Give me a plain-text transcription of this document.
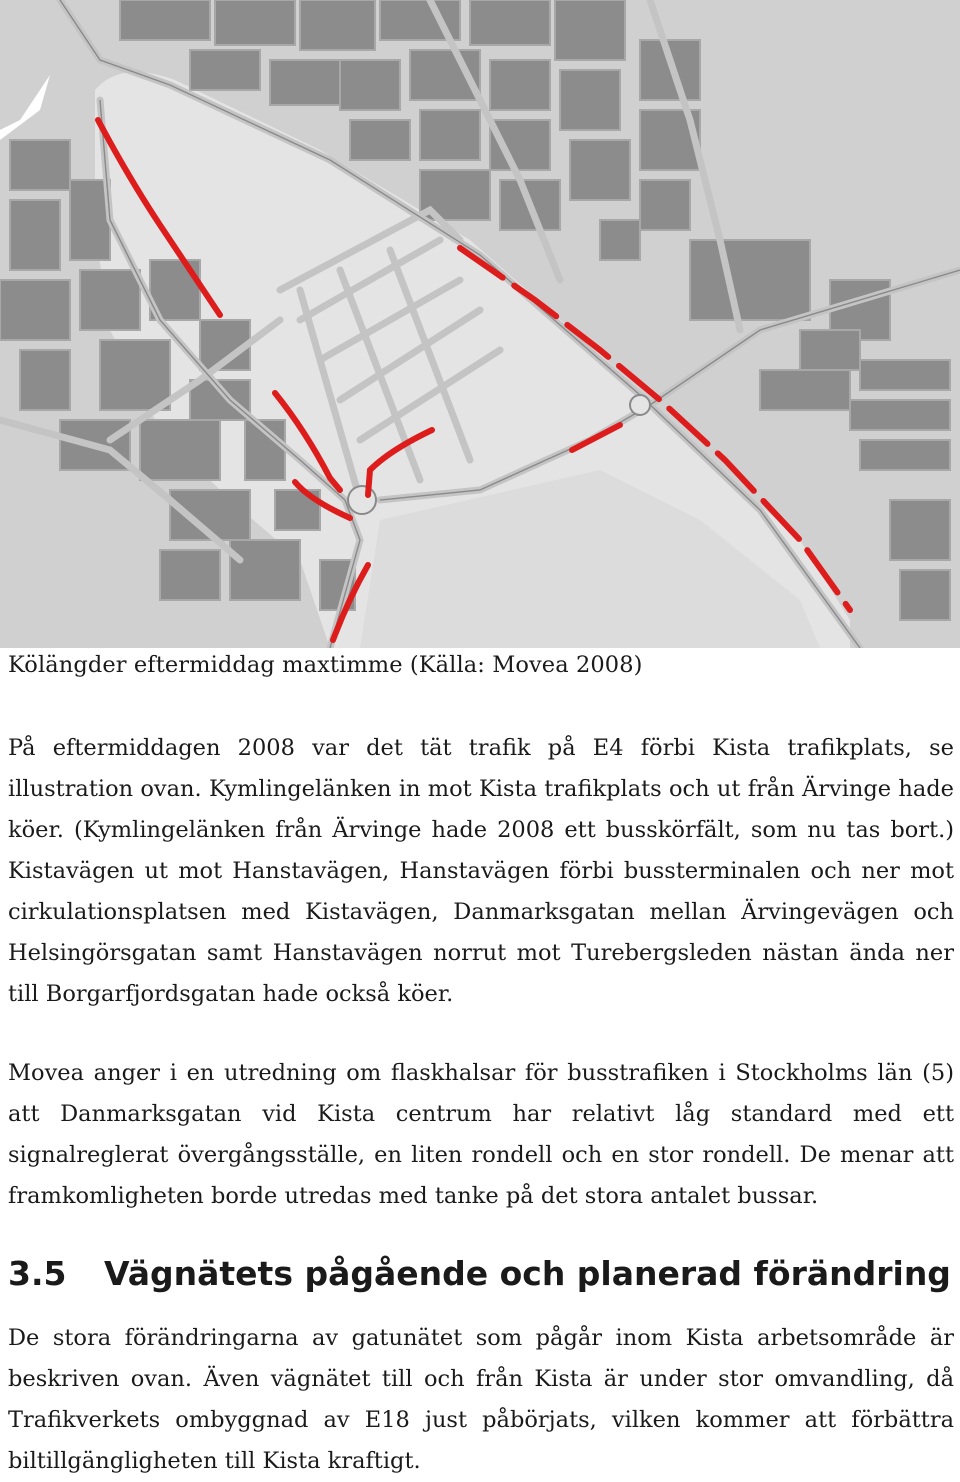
Kölängder eftermiddag maxtimme (Källa: Movea 2008)

På eftermiddagen 2008 var det tät trafik på E4 förbi Kista trafikplats, se illustration ovan. Kymlingelänken in mot Kista trafikplats och ut från Ärvinge hade köer. (Kymlingelänken från Ärvinge hade 2008 ett busskörfält, som nu tas bort.) Kistavägen ut mot Hanstavägen, Hanstavägen förbi bussterminalen och ner mot cirkulationsplatsen med Kistavägen, Danmarksgatan mellan Ärvingevägen och Helsingörsgatan samt Hanstavägen norrut mot Turebergsleden nästan ända ner till Borgarfjordsgatan hade också köer.

Movea anger i en utredning om flaskhalsar för busstrafiken i Stockholms län (5) att Danmarksgatan vid Kista centrum har relativt låg standard med ett signalreglerat övergångsställe, en liten rondell och en stor rondell. De menar att framkomligheten borde utredas med tanke på det stora antalet bussar.

3.5 Vägnätets pågående och planerad förändring

De stora förändringarna av gatunätet som pågår inom Kista arbetsområde är beskriven ovan. Även vägnätet till och från Kista är under stor omvandling, då Trafikverkets ombyggnad av E18 just påbörjats, vilken kommer att förbättra biltillgängligheten till Kista kraftigt.
